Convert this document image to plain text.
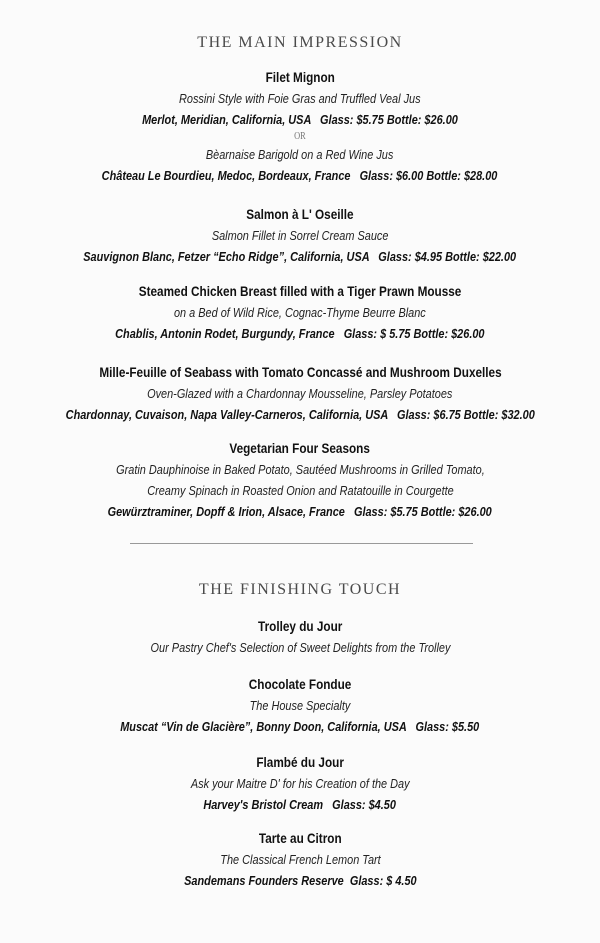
THE MAIN IMPRESSION
Filet Mignon
Rossini Style with Foie Gras and Truffled Veal Jus
Merlot, Meridian, California, USA   Glass: $5.75 Bottle: $26.00
OR
Bèarnaise Barigold on a Red Wine Jus
Château Le Bourdieu, Medoc, Bordeaux, France   Glass: $6.00 Bottle: $28.00
Salmon à L' Oseille
Salmon Fillet in Sorrel Cream Sauce
Sauvignon Blanc, Fetzer “Echo Ridge”, California, USA   Glass: $4.95 Bottle: $22.00
Steamed Chicken Breast filled with a Tiger Prawn Mousse
on a Bed of Wild Rice, Cognac-Thyme Beurre Blanc
Chablis, Antonin Rodet, Burgundy, France   Glass: $ 5.75 Bottle: $26.00
Mille-Feuille of Seabass with Tomato Concassé and Mushroom Duxelles
Oven-Glazed with a Chardonnay Mousseline, Parsley Potatoes
Chardonnay, Cuvaison, Napa Valley-Carneros, California, USA   Glass: $6.75 Bottle: $32.00
Vegetarian Four Seasons
Gratin Dauphinoise in Baked Potato, Sautéed Mushrooms in Grilled Tomato,
Creamy Spinach in Roasted Onion and Ratatouille in Courgette
Gewürztraminer, Dopff & Irion, Alsace, France   Glass: $5.75 Bottle: $26.00
THE FINISHING TOUCH
Trolley du Jour
Our Pastry Chef's Selection of Sweet Delights from the Trolley
Chocolate Fondue
The House Specialty
Muscat “Vin de Glacière”, Bonny Doon, California, USA   Glass: $5.50
Flambé du Jour
Ask your Maitre D' for his Creation of the Day
Harvey's Bristol Cream   Glass: $4.50
Tarte au Citron
The Classical French Lemon Tart
Sandemans Founders Reserve  Glass: $ 4.50
